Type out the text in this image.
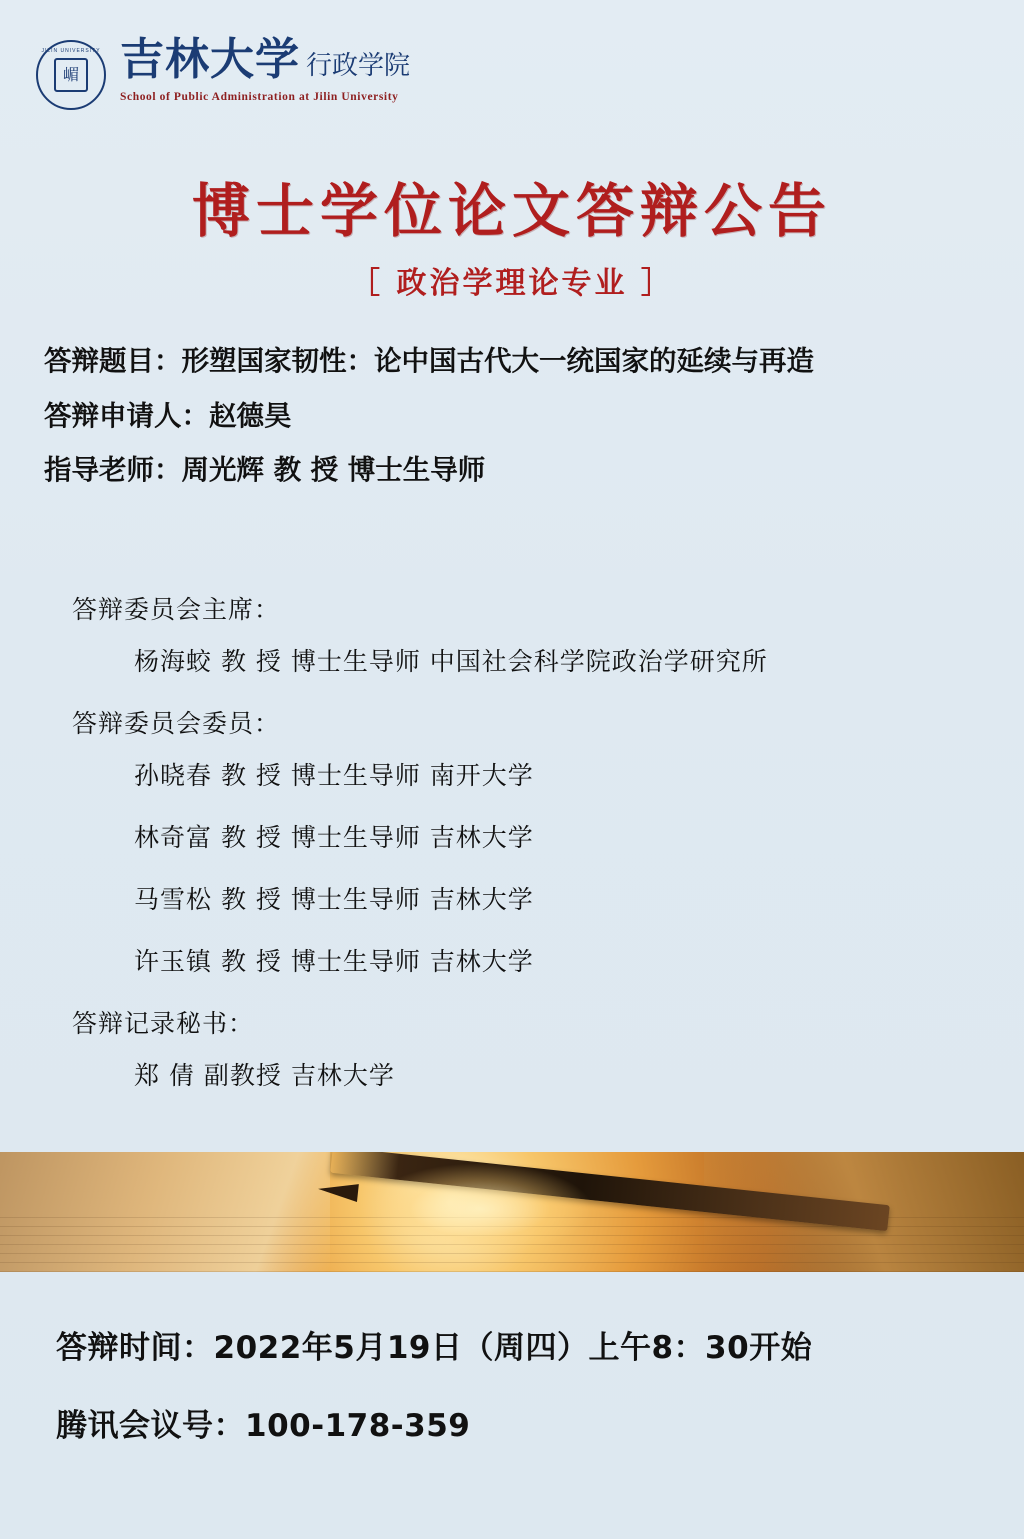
JILIN UNIVERSITY
嵋 吉林大学 行政学院
School of Public Administration at Jilin University
博士学位论文答辩公告
［ 政治学理论专业 ］
答辩题目：形塑国家韧性：论中国古代大一统国家的延续与再造
答辩申请人：赵德昊
指导老师：周光辉 教 授 博士生导师
答辩委员会主席：
杨海蛟 教 授 博士生导师 中国社会科学院政治学研究所
答辩委员会委员：
孙晓春 教 授 博士生导师 南开大学
林奇富 教 授 博士生导师 吉林大学
马雪松 教 授 博士生导师 吉林大学
许玉镇 教 授 博士生导师 吉林大学
答辩记录秘书：
郑 倩 副教授 吉林大学
答辩时间：2022年5月19日（周四）上午8：30开始
腾讯会议号：100-178-359
